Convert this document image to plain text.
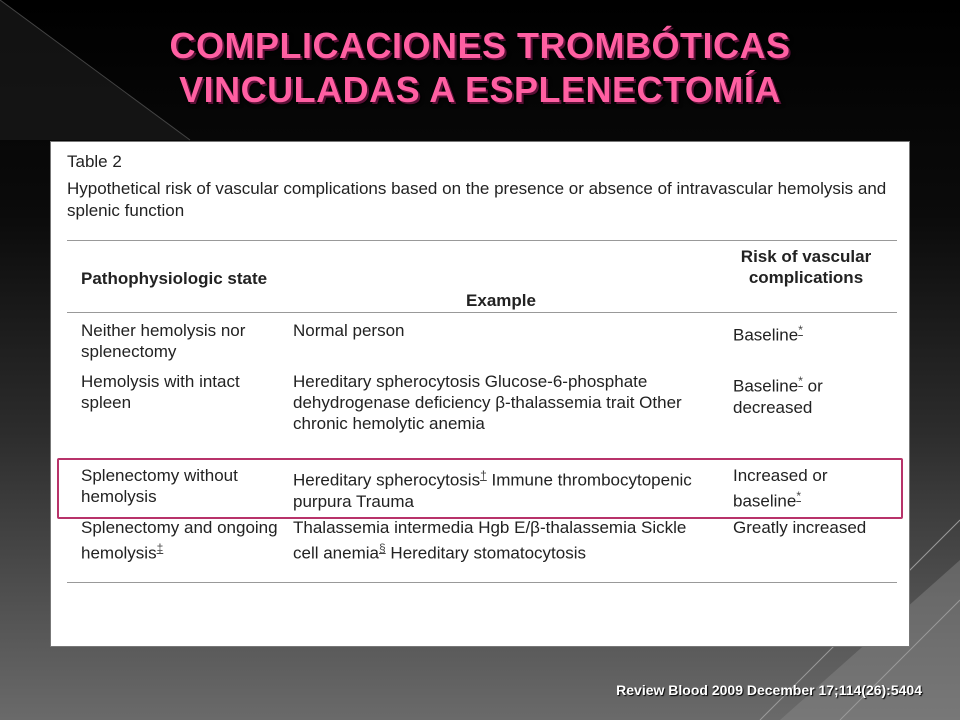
COMPLICACIONES TROMBÓTICAS
VINCULADAS A ESPLENECTOMÍA
Table 2
Hypothetical risk of vascular complications based on the presence or absence of intravascular hemolysis and splenic function
Pathophysiologic state
Example
Risk of vascular complications
Neither hemolysis nor splenectomy
Normal person	Baseline*
Hemolysis with intact spleen
Hereditary spherocytosis Glucose-6-phosphate dehydrogenase deficiency β-thalassemia trait Other chronic hemolytic anemia
Baseline* or decreased
Splenectomy without hemolysis
Hereditary spherocytosis† Immune thrombocytopenic purpura Trauma
Increased or baseline*
Splenectomy and ongoing hemolysis‡
Thalassemia intermedia Hgb E/β-thalassemia Sickle cell anemia§ Hereditary stomatocytosis
Greatly increased
Review Blood 2009 December 17;114(26):5404
